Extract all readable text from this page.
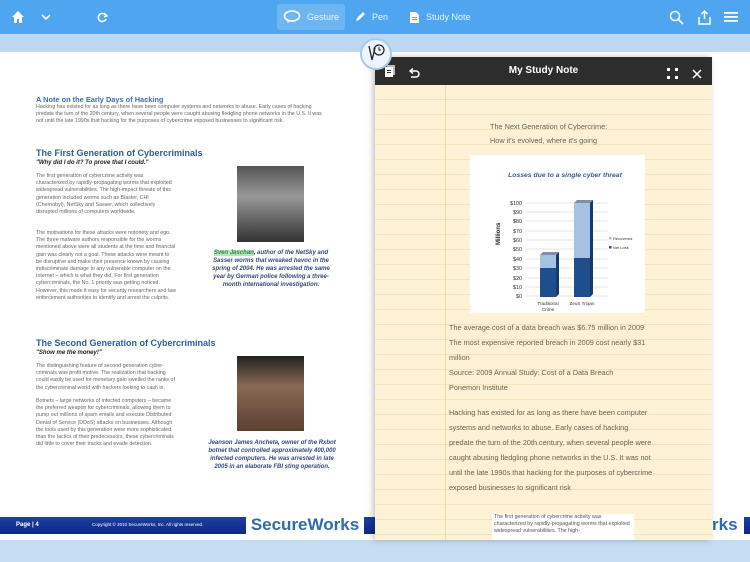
Gesture	Pen	Study Note
A Note on the Early Days of Hacking
Hacking has existed for as long as there have been computer systems and networks to abuse. Early cases of hacking predate the turn of the 20th century, when several people were caught abusing fledgling phone networks in the U.S. It was not until the late 1990s that hacking for the purposes of cybercrime exposed businesses to significant risk.
The First Generation of Cybercriminals
"Why did I do it? To prove that I could."
The first generation of cybercrime activity was characterized by rapidly-propagating worms that exploited widespread vulnerabilities. The high-impact threats of this generation included worms such as Blaster, CHI (Chernobyl), NetSky and Sasser, which collectively disrupted millions of computers worldwide.
The motivations for these attacks were notoriety and ego. The three malware authors responsible for the worms mentioned above were all students at the time and financial gain was clearly not a goal. These attacks were meant to be disruptive and make their presence known by causing indiscriminate damage to any vulnerable computer on the Internet – which is what they did. For first generation cybercriminals, the No. 1 priority was getting noticed. However, this made it easy for security researchers and law enforcement authorities to identify and arrest the culprits.
Sven Jaschan, author of the NetSky and Sasser worms that wreaked havoc in the spring of 2004. He was arrested the same year by German police following a three-month international investigation.
The Second Generation of Cybercriminals
"Show me the money!"
The distinguishing feature of second generation cyber-criminals was profit motive. The realization that hacking could easily be used for monetary gain swelled the ranks of the cybercriminal world with hackers looking to cash in.
Botnets – large networks of infected computers – became the preferred weapon for cybercriminals, allowing them to pump out millions of spam emails and execute Distributed Denial of Service (DDoS) attacks on businesses. Although the tools used by this generation were more sophisticated than the tactics of their predecessors, these cybercriminals did little to cover their tracks and evade detection.	Jeanson James Ancheta, owner of the Rxbot botnet that controlled approximately 400,000 infected computers. He was arrested in late 2005 in an elaborate FBI sting operation.
Page | 4	Copyright © 2010 SecureWorks, Inc. All rights reserved.	SecureWorks	rks
My Study Note
The Next Generation of Cybercrime:
How it's evolved, where it's going
Losses due to a single cyber threat
Millions
$0
$10
$20
$30
$40
$50
$60
$70
$80
$90
$100
Traditional
Crime
ZeuS Trojan
Recovered
Net Loss
The average cost of a data breach was $6.75 million in 2009
The most expensive reported breach in 2009 cost nearly $31
million
Source: 2009 Annual Study: Cost of a Data Breach
Ponemon Institute
Hacking has existed for as long as there have been computer
systems and networks to abuse. Early cases of hacking
predate the turn of the 20th century, when several people were
caught abusing fledgling phone networks in the U.S. It was not
until the late 1990s that hacking for the purposes of cybercrime
exposed businesses to significant risk
The first generation of cybercrime activity was characterized by rapidly-propagating worms that exploited widespread vulnerabilities. The high-
